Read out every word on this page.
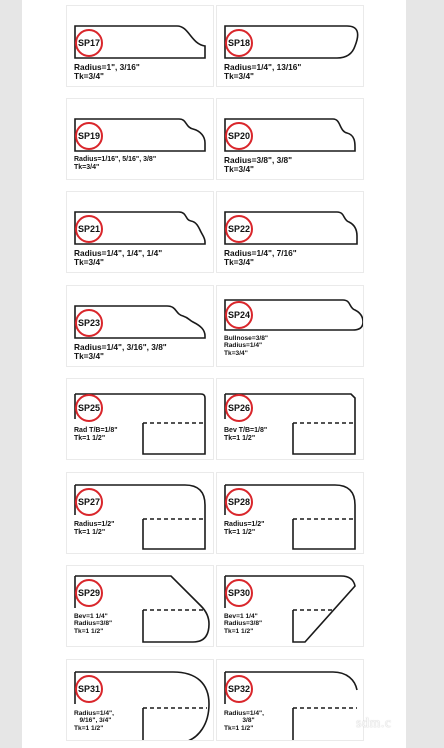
SP17
Radius=1", 3/16"
Tk=3/4"
SP18
Radius=1/4", 13/16"
Tk=3/4"
SP19
Radius=1/16", 5/16", 3/8"
Tk=3/4"
SP20
Radius=3/8", 3/8"
Tk=3/4"
SP21
Radius=1/4", 1/4", 1/4"
Tk=3/4"
SP22
Radius=1/4", 7/16"
Tk=3/4"
SP23
Radius=1/4", 3/16", 3/8"
Tk=3/4"
SP24
Bullnose=3/8"
Radius=1/4"
Tk=3/4"
SP25
Rad T/B=1/8"
Tk=1 1/2"
SP26
Bev T/B=1/8"
Tk=1 1/2"
SP27
Radius=1/2"
Tk=1 1/2"
SP28
Radius=1/2"
Tk=1 1/2"
SP29
Bev=1 1/4"
Radius=3/8"
Tk=1 1/2"
SP30
Bev=1 1/4"
Radius=3/8"
Tk=1 1/2"
SP31
Radius=1/4",
9/16", 3/4"
Tk=1 1/2"
SP32
Radius=1/4",
3/8"
Tk=1 1/2"	sdm.c
